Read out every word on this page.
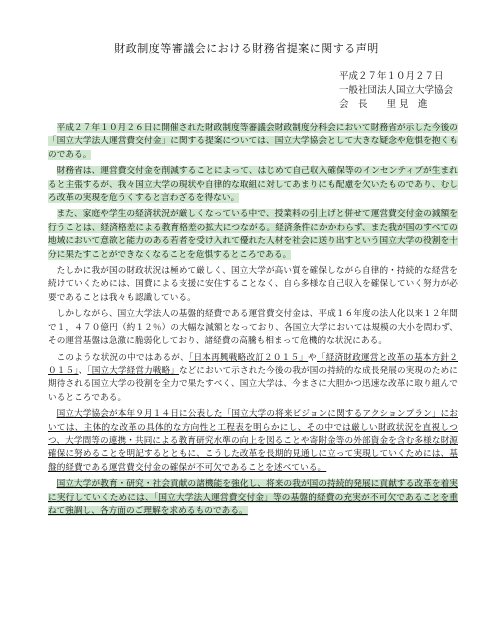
財政制度等審議会における財務省提案に関する声明
平成２７年１０月２７日
一般社団法人国立大学協会
会　長　　里 見　進

平成２７年１０月２６日に開催された財政制度等審議会財政制度分科会において財務省が示した今後の「国立大学法人運営費交付金」に関する提案については、国立大学協会として大きな疑念や危惧を抱くものである。

財務省は、運営費交付金を削減することによって、はじめて自己収入確保等のインセンティブが生まれると主張するが、我々国立大学の現状や自律的な取組に対してあまりにも配慮を欠いたものであり、むしろ改革の実現を危うくすると言わざるを得ない。

また、家庭や学生の経済状況が厳しくなっている中で、授業料の引上げと併せて運営費交付金の減額を行うことは、経済格差による教育格差の拡大につながる。経済条件にかかわらず、また我が国のすべての地域において意欲と能力のある若者を受け入れて優れた人材を社会に送り出すという国立大学の役割を十分に果たすことができなくなることを危惧するところである。

たしかに我が国の財政状況は極めて厳しく、国立大学が高い質を確保しながら自律的・持続的な経営を続けていくためには、国費による支援に安住することなく、自ら多様な自己収入を確保していく努力が必要であることは我々も認識している。

しかしながら、国立大学法人の基盤的経費である運営費交付金は、平成１６年度の法人化以来１２年間で１，４７０億円（約１２％）の大幅な減額となっており、各国立大学においては規模の大小を問わず、その運営基盤は急激に脆弱化しており、諸経費の高騰も相まって危機的な状況にある。

このような状況の中ではあるが、「日本再興戦略改訂２０１５」や「経済財政運営と改革の基本方針２０１５」、「国立大学経営力戦略」などにおいて示された今後の我が国の持続的な成長発展の実現のために期待される国立大学の役割を全力で果たすべく、国立大学は、今まさに大胆かつ迅速な改革に取り組んでいるところである。

国立大学協会が本年９月１４日に公表した「国立大学の将来ビジョンに関するアクションプラン」においては、主体的な改革の具体的な方向性と工程表を明らかにし、その中では厳しい財政状況を直視しつつ、大学間等の連携・共同による教育研究水準の向上を図ることや寄附金等の外部資金を含む多様な財源確保に努めることを明記するとともに、こうした改革を長期的見通しに立って実現していくためには、基盤的経費である運営費交付金の確保が不可欠であることを述べている。

国立大学が教育・研究・社会貢献の諸機能を強化し、将来の我が国の持続的発展に貢献する改革を着実に実行していくためには、「国立大学法人運営費交付金」等の基盤的経費の充実が不可欠であることを重ねて強調し、各方面のご理解を求めるものである。
